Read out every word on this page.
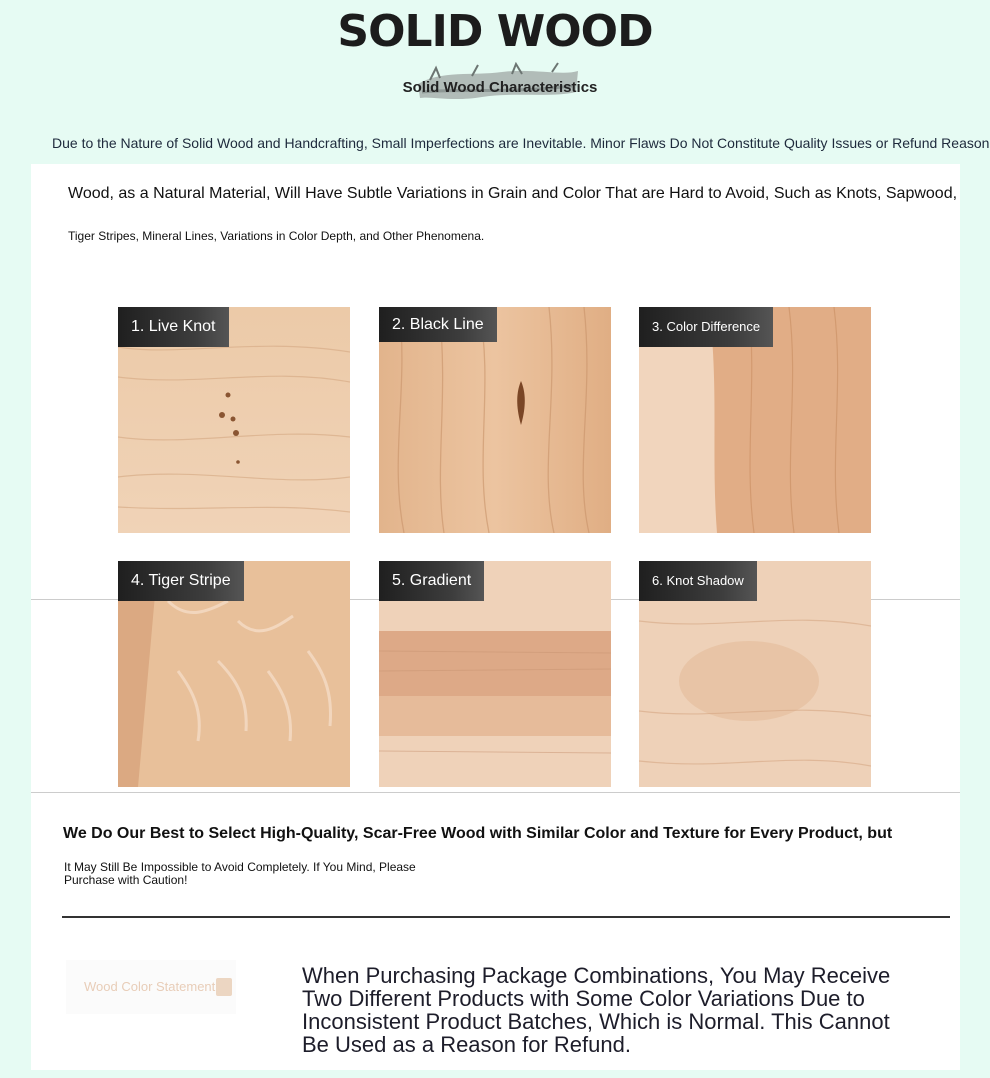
SOLID WOOD
Solid Wood Characteristics
Due to the Nature of Solid Wood and Handcrafting, Small Imperfections are Inevitable. Minor Flaws Do Not Constitute Quality Issues or Refund Reason
Wood, as a Natural Material, Will Have Subtle Variations in Grain and Color That are Hard to Avoid, Such as Knots, Sapwood,
Tiger Stripes, Mineral Lines, Variations in Color Depth, and Other Phenomena.
1. Live Knot	2. Black Line	3. Color Difference
4. Tiger Stripe	5. Gradient	6. Knot Shadow
We Do Our Best to Select High-Quality, Scar-Free Wood with Similar Color and Texture for Every Product, but
It May Still Be Impossible to Avoid Completely. If You Mind, Please Purchase with Caution!
Wood Color Statement	When Purchasing Package Combinations, You May Receive Two Different Products with Some Color Variations Due to Inconsistent Product Batches, Which is Normal. This Cannot Be Used as a Reason for Refund.
